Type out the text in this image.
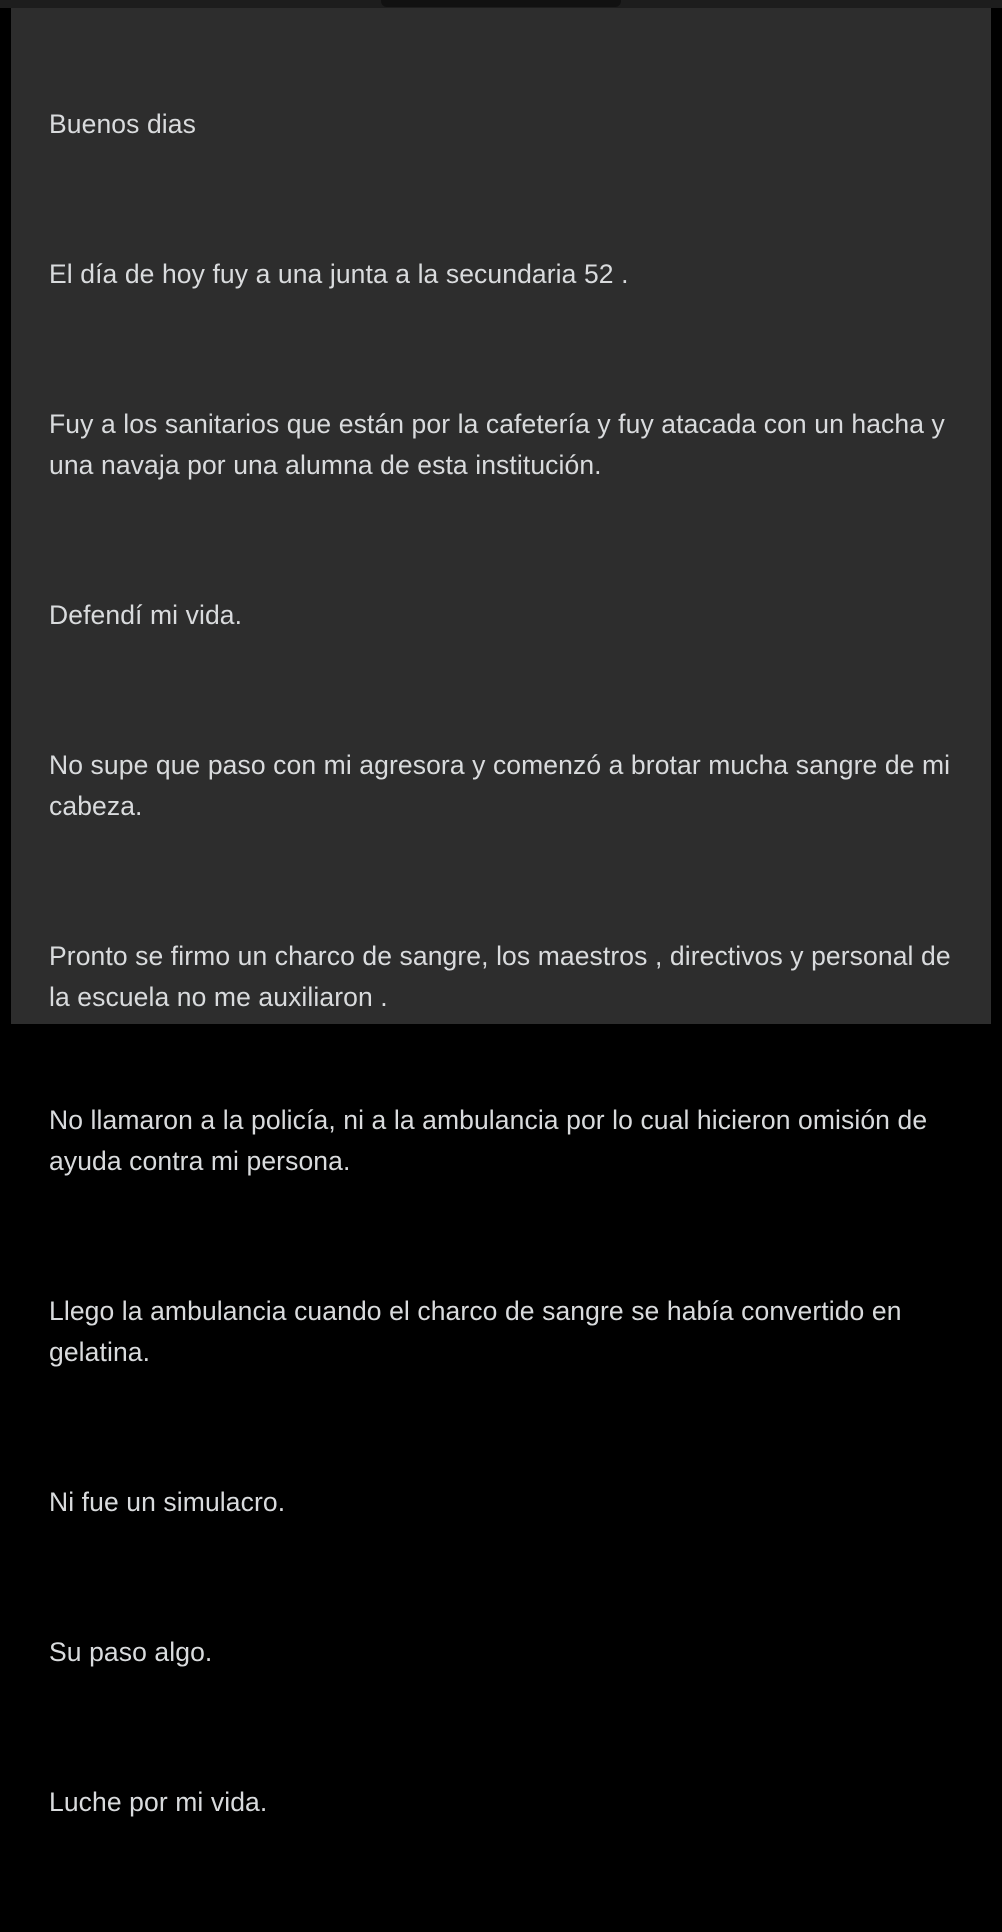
Buenos dias

El día de hoy fuy a una junta a la secundaria 52 .

Fuy a los sanitarios que están por la cafetería y fuy atacada con un hacha y una navaja por una alumna de esta institución.

Defendí mi vida.

No supe que paso con mi agresora y comenzó a brotar mucha sangre de mi cabeza.

Pronto se firmo un charco de sangre, los maestros , directivos y personal de la escuela no me auxiliaron .

No llamaron a la policía, ni a la ambulancia por lo cual hicieron omisión de ayuda contra mi persona.

Llego la ambulancia cuando el charco de sangre se había convertido en gelatina.

Ni fue un simulacro.

Su paso algo.

Luche por mi vida.
